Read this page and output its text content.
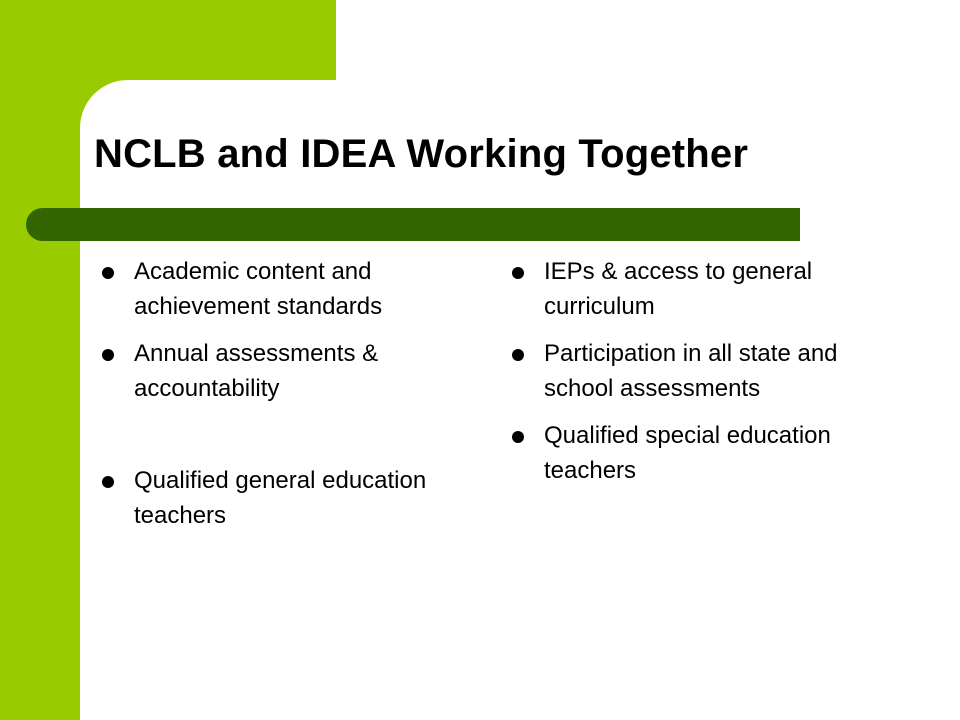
NCLB and IDEA Working Together
Academic content and achievement standards
Annual assessments & accountability
Qualified general education teachers
IEPs & access to general curriculum
Participation in all state and school assessments
Qualified special education teachers
